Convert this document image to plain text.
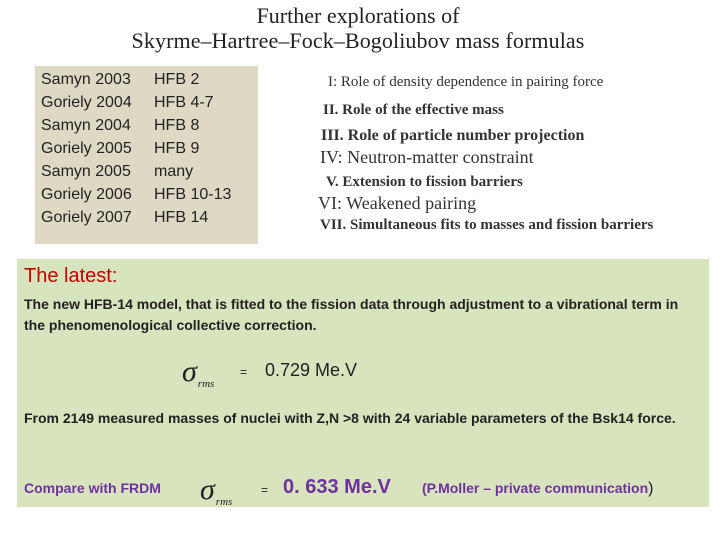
Further explorations of
Skyrme–Hartree–Fock–Bogoliubov mass formulas
Samyn 2003 HFB 2
Goriely 2004 HFB 4-7
Samyn 2004 HFB 8
Goriely 2005 HFB 9
Samyn 2005 many
Goriely 2006 HFB 10-13
Goriely 2007 HFB 14
I: Role of density dependence in pairing force
II. Role of the effective mass
III. Role of particle number projection
IV: Neutron-matter constraint
V. Extension to fission barriers
VI: Weakened pairing
VII. Simultaneous fits to masses and fission barriers
The latest:
The new HFB-14 model, that is fitted to the fission data through adjustment to a vibrational term in the phenomenological collective correction.
$\sigma_{rms}$
= 0.729 Me.V
From 2149 measured masses of nuclei with Z,N >8 with 24 variable parameters of the Bsk14 force.
Compare with FRDM $\sigma_{rms}$
= 0. 633 Me.V (P.Moller – private communication)
